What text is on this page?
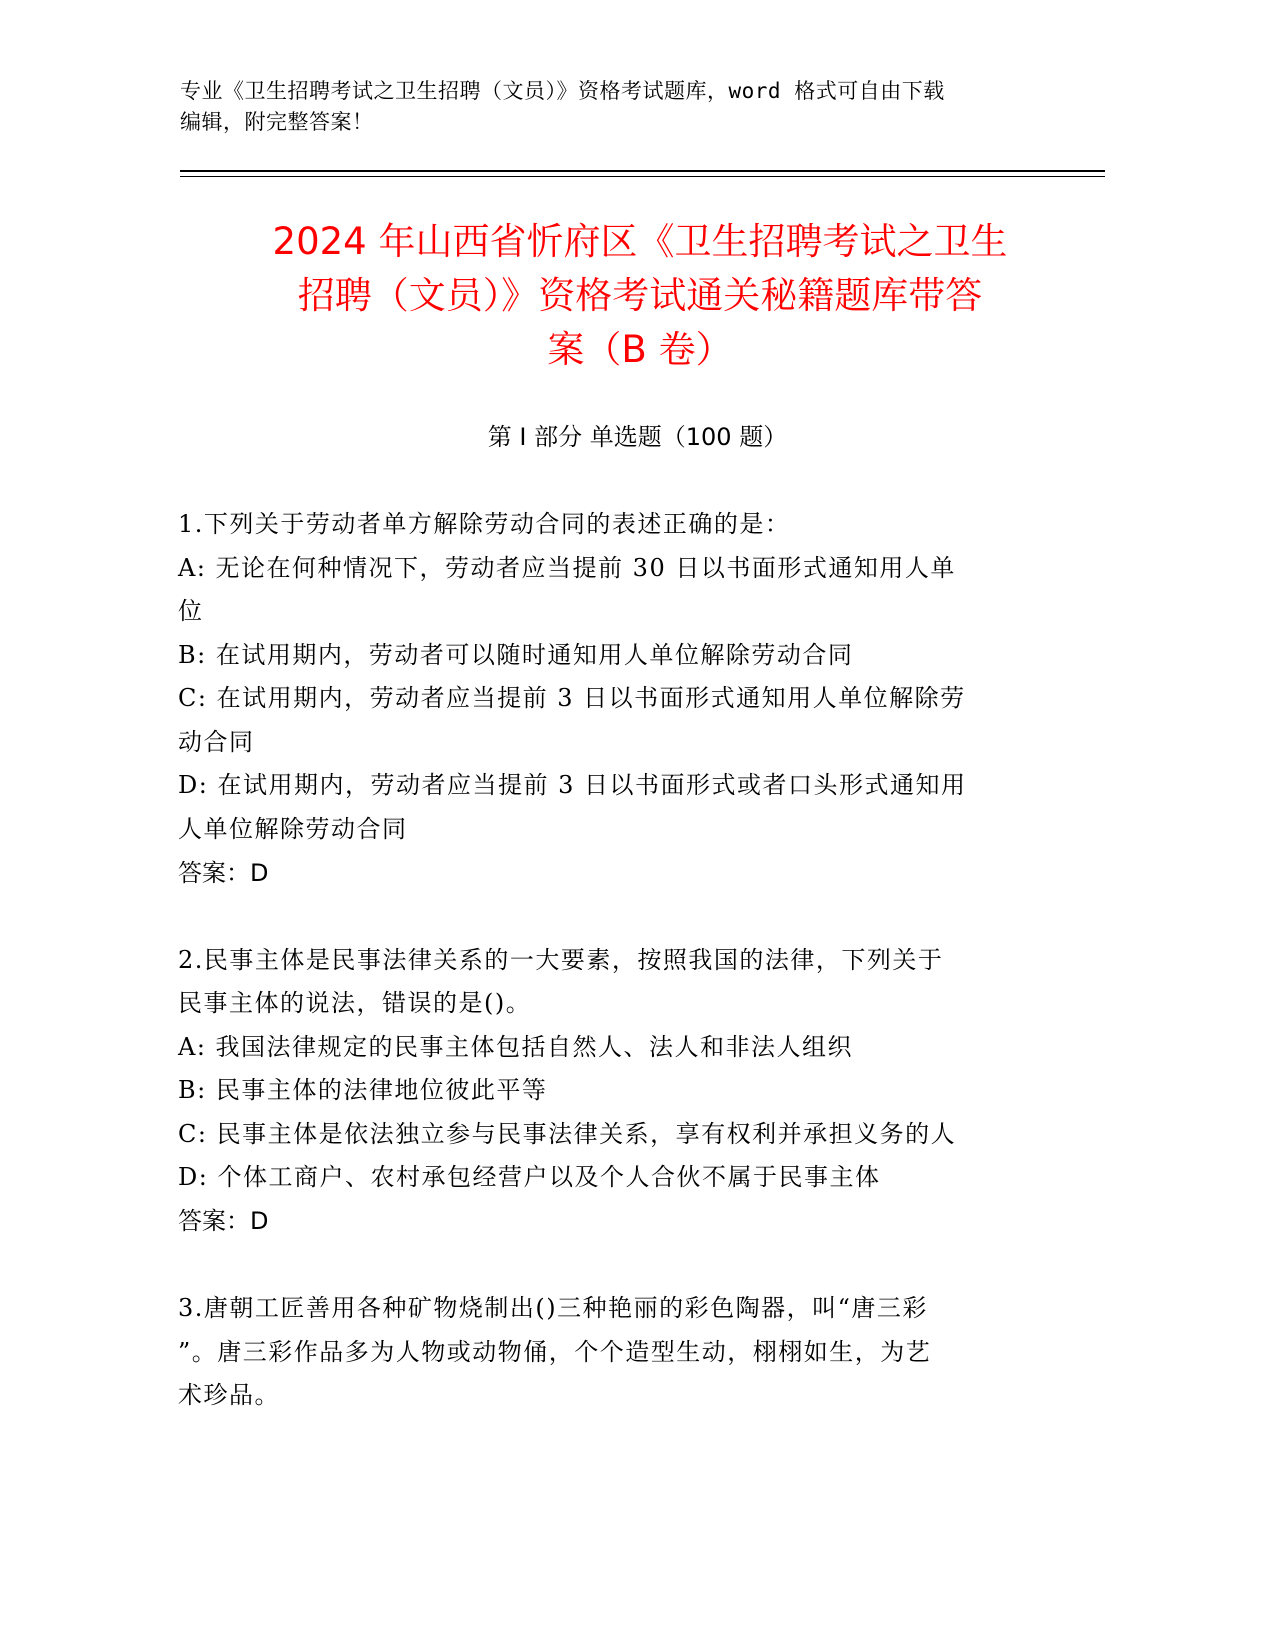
专业《卫生招聘考试之卫生招聘（文员）》资格考试题库，word 格式可自由下载
编辑，附完整答案！
2024 年山西省忻府区《卫生招聘考试之卫生
招聘（文员）》资格考试通关秘籍题库带答
案（B 卷）
第 I 部分 单选题（100 题）
1.下列关于劳动者单方解除劳动合同的表述正确的是：
A: 无论在何种情况下，劳动者应当提前 30 日以书面形式通知用人单
位
B: 在试用期内，劳动者可以随时通知用人单位解除劳动合同
C: 在试用期内，劳动者应当提前 3 日以书面形式通知用人单位解除劳
动合同
D: 在试用期内，劳动者应当提前 3 日以书面形式或者口头形式通知用
人单位解除劳动合同
答案：D
2.民事主体是民事法律关系的一大要素，按照我国的法律，下列关于
民事主体的说法，错误的是()。
A: 我国法律规定的民事主体包括自然人、法人和非法人组织
B: 民事主体的法律地位彼此平等
C: 民事主体是依法独立参与民事法律关系，享有权利并承担义务的人
D: 个体工商户、农村承包经营户以及个人合伙不属于民事主体
答案：D
3.唐朝工匠善用各种矿物烧制出()三种艳丽的彩色陶器，叫“唐三彩
”。唐三彩作品多为人物或动物俑，个个造型生动，栩栩如生，为艺
术珍品。
